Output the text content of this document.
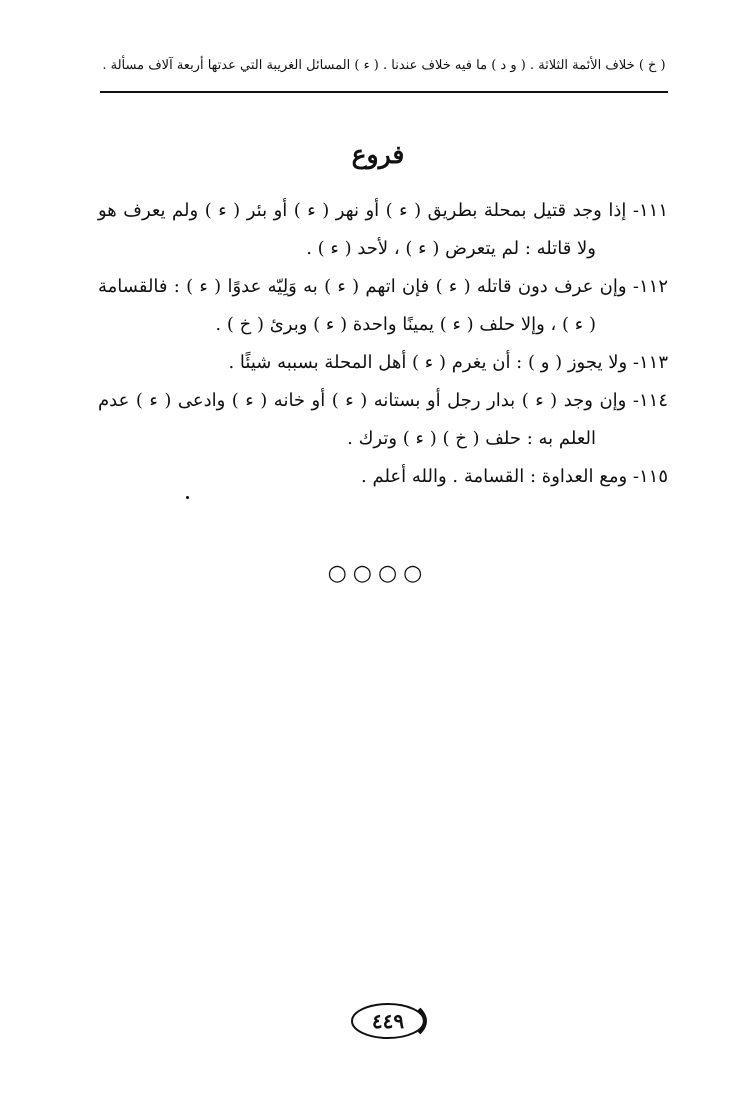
( خ ) خلاف الأئمة الثلاثة . ( و د ) ما فيه خلاف عندنا . ( ء ) المسائل الغريبة التي عدتها أربعة آلاف مسألة .
فروع
١١١- إذا وجد قتيل بمحلة بطريق ( ء ) أو نهر ( ء ) أو بئر ( ء ) ولم يعرف هو
ولا قاتله : لم يتعرض ( ء ) ، لأحد ( ء ) .
١١٢- وإن عرف دون قاتله ( ء ) فإن اتهم ( ء ) به وَلِيّه عدوًا ( ء ) : فالقسامة
( ء ) ، وإلا حلف ( ء ) يمينًا واحدة ( ء ) وبرئ ( خ ) .
١١٣- ولا يجوز ( و ) : أن يغرم ( ء ) أهل المحلة بسببه شيئًا .
١١٤- وإن وجد ( ء ) بدار رجل أو بستانه ( ء ) أو خانه ( ء ) وادعى ( ء ) عدم
العلم به : حلف ( خ ) ( ء ) وترك .
١١٥- ومع العداوة : القسامة . والله أعلم .
○○○○
٤٤٩
